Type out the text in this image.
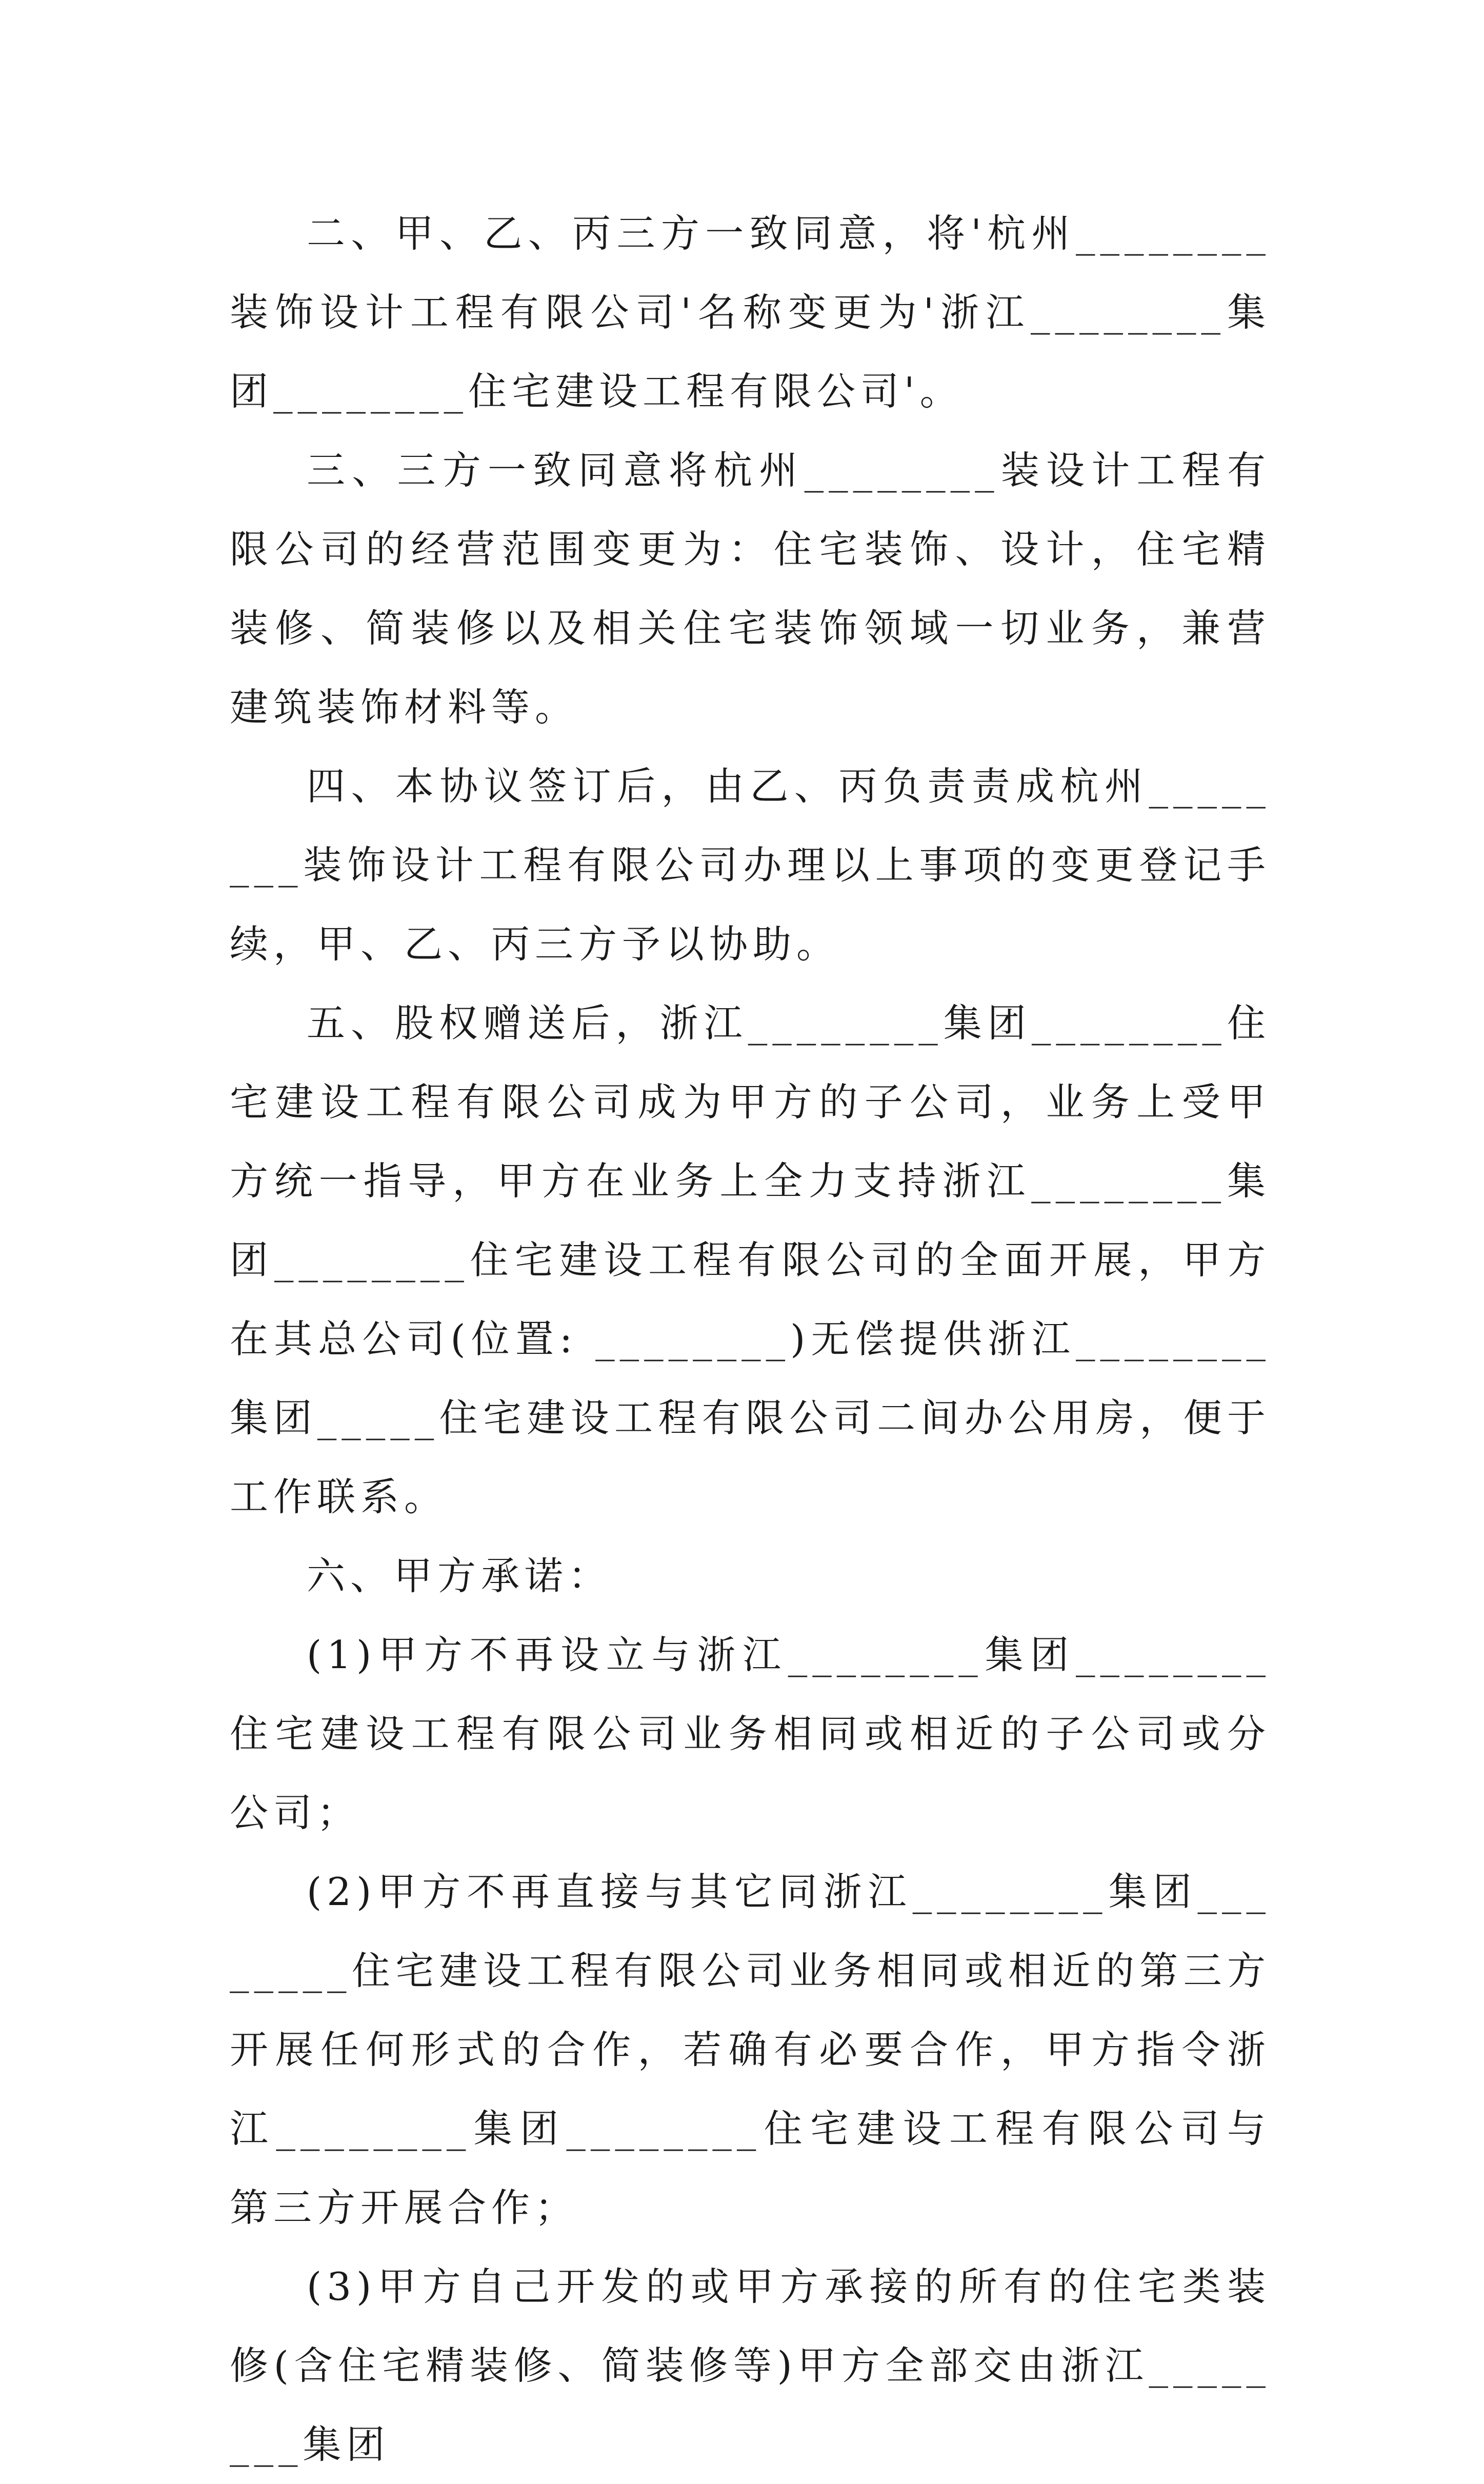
二、甲、乙、丙三方一致同意，将'杭州________装饰设计工程有限公司'名称变更为'浙江________集团________住宅建设工程有限公司'。

三、三方一致同意将杭州________装设计工程有限公司的经营范围变更为：住宅装饰、设计，住宅精装修、简装修以及相关住宅装饰领域一切业务，兼营建筑装饰材料等。

四、本协议签订后，由乙、丙负责责成杭州________装饰设计工程有限公司办理以上事项的变更登记手续，甲、乙、丙三方予以协助。

五、股权赠送后，浙江________集团________住宅建设工程有限公司成为甲方的子公司，业务上受甲方统一指导，甲方在业务上全力支持浙江________集团________住宅建设工程有限公司的全面开展，甲方在其总公司(位置: ________)无偿提供浙江________集团_____住宅建设工程有限公司二间办公用房，便于工作联系。

六、甲方承诺：

(1)甲方不再设立与浙江________集团________住宅建设工程有限公司业务相同或相近的子公司或分公司；

(2)甲方不再直接与其它同浙江________集团________住宅建设工程有限公司业务相同或相近的第三方开展任何形式的合作，若确有必要合作，甲方指令浙江________集团________住宅建设工程有限公司与第三方开展合作；

(3)甲方自己开发的或甲方承接的所有的住宅类装修(含住宅精装修、简装修等)甲方全部交由浙江________集团
